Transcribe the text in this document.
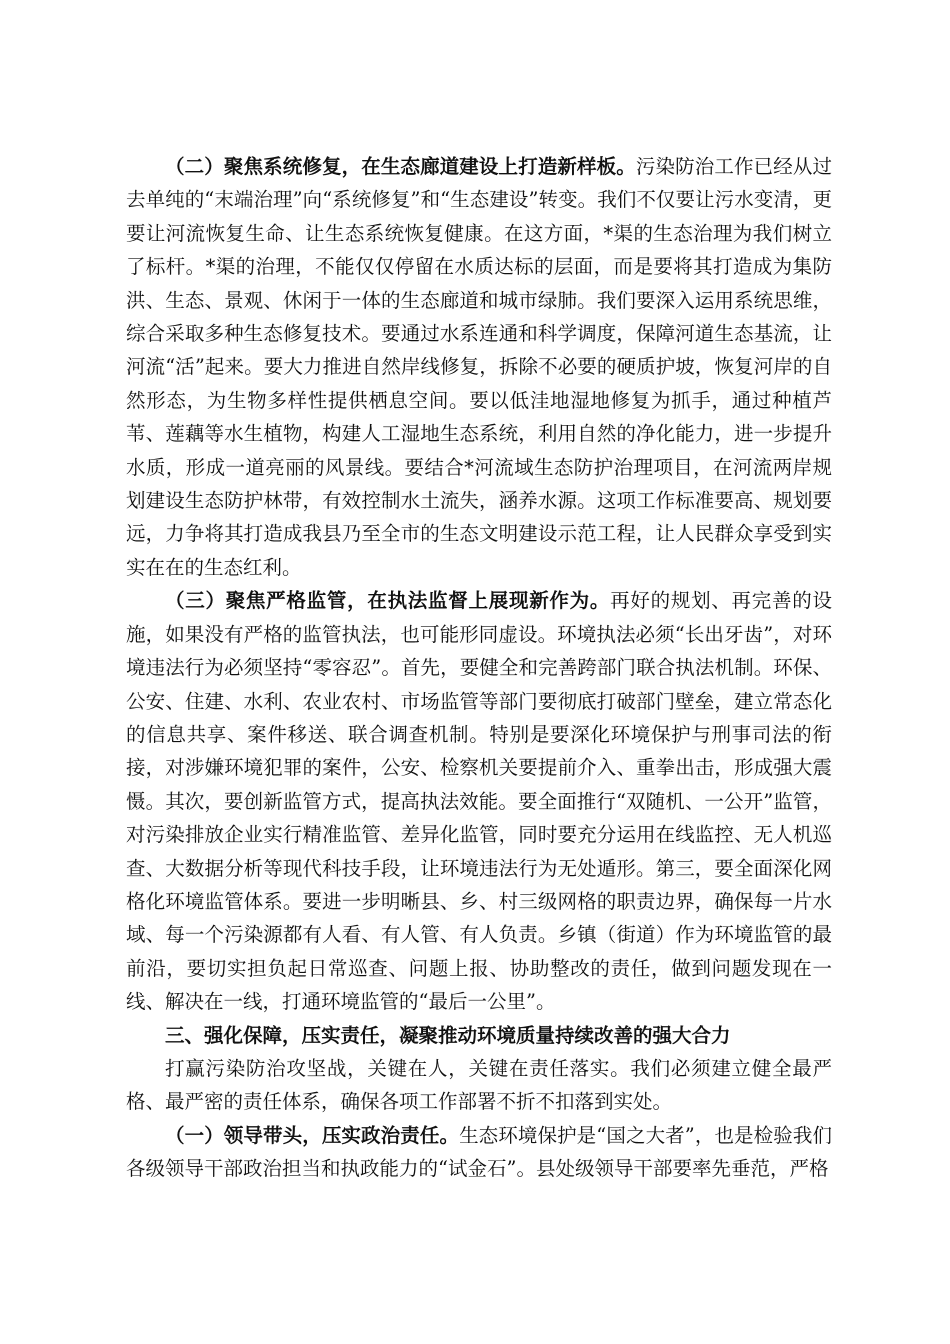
（二）聚焦系统修复，在生态廊道建设上打造新样板。污染防治工作已经从过去单纯的“末端治理”向“系统修复”和“生态建设”转变。我们不仅要让污水变清，更要让河流恢复生命、让生态系统恢复健康。在这方面，*渠的生态治理为我们树立了标杆。*渠的治理，不能仅仅停留在水质达标的层面，而是要将其打造成为集防洪、生态、景观、休闲于一体的生态廊道和城市绿肺。我们要深入运用系统思维，综合采取多种生态修复技术。要通过水系连通和科学调度，保障河道生态基流，让河流“活”起来。要大力推进自然岸线修复，拆除不必要的硬质护坡，恢复河岸的自然形态，为生物多样性提供栖息空间。要以低洼地湿地修复为抓手，通过种植芦苇、莲藕等水生植物，构建人工湿地生态系统，利用自然的净化能力，进一步提升水质，形成一道亮丽的风景线。要结合*河流域生态防护治理项目，在河流两岸规划建设生态防护林带，有效控制水土流失，涵养水源。这项工作标准要高、规划要远，力争将其打造成我县乃至全市的生态文明建设示范工程，让人民群众享受到实实在在的生态红利。

（三）聚焦严格监管，在执法监督上展现新作为。再好的规划、再完善的设施，如果没有严格的监管执法，也可能形同虚设。环境执法必须“长出牙齿”，对环境违法行为必须坚持“零容忍”。首先，要健全和完善跨部门联合执法机制。环保、公安、住建、水利、农业农村、市场监管等部门要彻底打破部门壁垒，建立常态化的信息共享、案件移送、联合调查机制。特别是要深化环境保护与刑事司法的衔接，对涉嫌环境犯罪的案件，公安、检察机关要提前介入、重拳出击，形成强大震慑。其次，要创新监管方式，提高执法效能。要全面推行“双随机、一公开”监管，对污染排放企业实行精准监管、差异化监管，同时要充分运用在线监控、无人机巡查、大数据分析等现代科技手段，让环境违法行为无处遁形。第三，要全面深化网格化环境监管体系。要进一步明晰县、乡、村三级网格的职责边界，确保每一片水域、每一个污染源都有人看、有人管、有人负责。乡镇（街道）作为环境监管的最前沿，要切实担负起日常巡查、问题上报、协助整改的责任，做到问题发现在一线、解决在一线，打通环境监管的“最后一公里”。

三、强化保障，压实责任，凝聚推动环境质量持续改善的强大合力

打赢污染防治攻坚战，关键在人，关键在责任落实。我们必须建立健全最严格、最严密的责任体系，确保各项工作部署不折不扣落到实处。

（一）领导带头，压实政治责任。生态环境保护是“国之大者”，也是检验我们各级领导干部政治担当和执政能力的“试金石”。县处级领导干部要率先垂范，严格
